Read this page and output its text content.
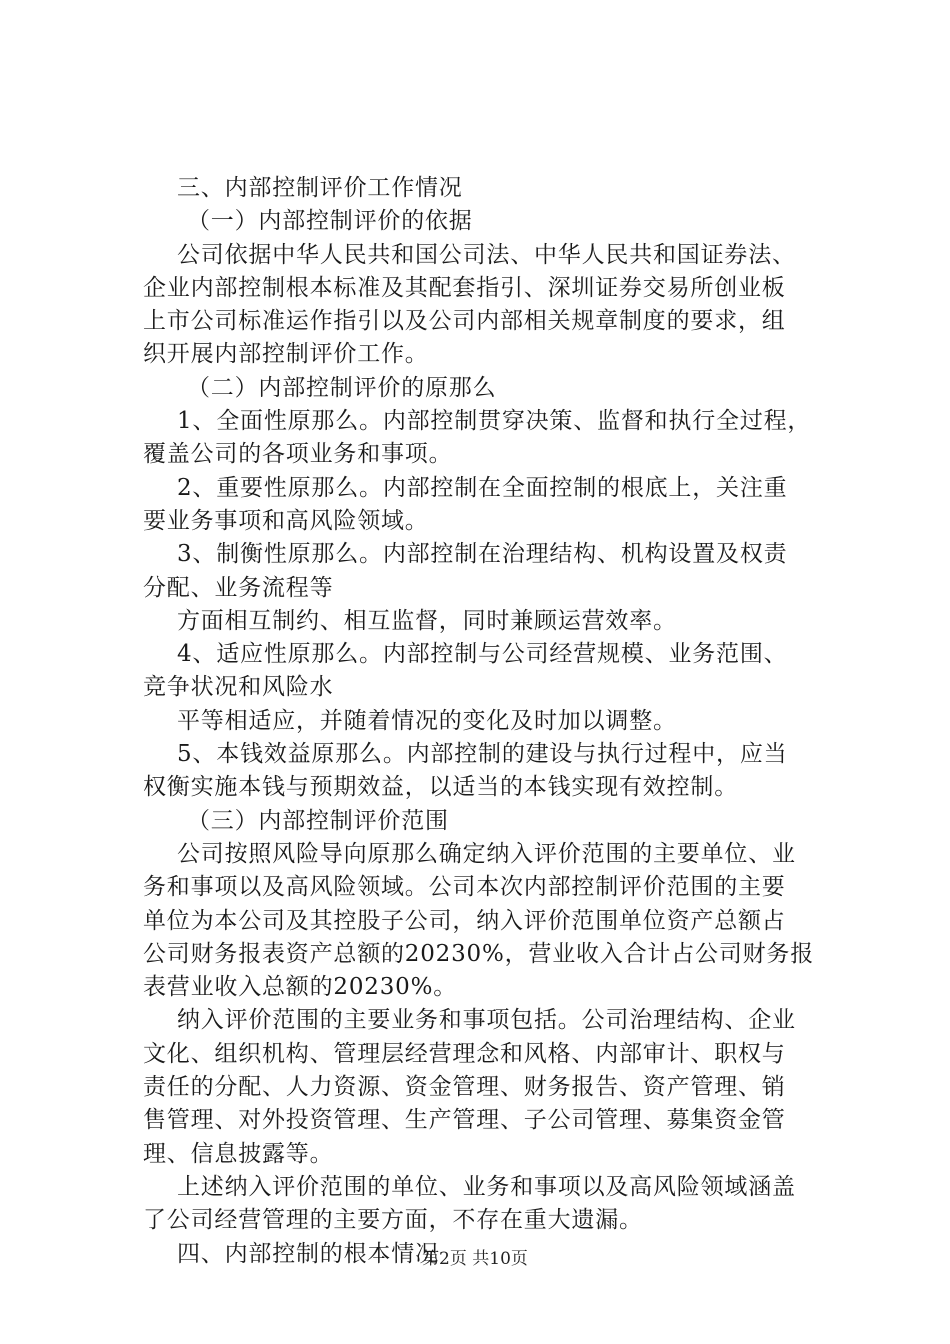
三、内部控制评价工作情况
（一）内部控制评价的依据
公司依据中华人民共和国公司法、中华人民共和国证券法、
企业内部控制根本标准及其配套指引、深圳证券交易所创业板
上市公司标准运作指引以及公司内部相关规章制度的要求，组
织开展内部控制评价工作。
（二）内部控制评价的原那么
1、全面性原那么。内部控制贯穿决策、监督和执行全过程，
覆盖公司的各项业务和事项。
2、重要性原那么。内部控制在全面控制的根底上，关注重
要业务事项和高风险领域。
3、制衡性原那么。内部控制在治理结构、机构设置及权责
分配、业务流程等
方面相互制约、相互监督，同时兼顾运营效率。
4、适应性原那么。内部控制与公司经营规模、业务范围、
竞争状况和风险水
平等相适应，并随着情况的变化及时加以调整。
5、本钱效益原那么。内部控制的建设与执行过程中，应当
权衡实施本钱与预期效益，以适当的本钱实现有效控制。
（三）内部控制评价范围
公司按照风险导向原那么确定纳入评价范围的主要单位、业
务和事项以及高风险领域。公司本次内部控制评价范围的主要
单位为本公司及其控股子公司，纳入评价范围单位资产总额占
公司财务报表资产总额的20230%，营业收入合计占公司财务报
表营业收入总额的20230%。
纳入评价范围的主要业务和事项包括。公司治理结构、企业
文化、组织机构、管理层经营理念和风格、内部审计、职权与
责任的分配、人力资源、资金管理、财务报告、资产管理、销
售管理、对外投资管理、生产管理、子公司管理、募集资金管
理、信息披露等。
上述纳入评价范围的单位、业务和事项以及高风险领域涵盖
了公司经营管理的主要方面，不存在重大遗漏。
四、内部控制的根本情况
第2页 共10页
